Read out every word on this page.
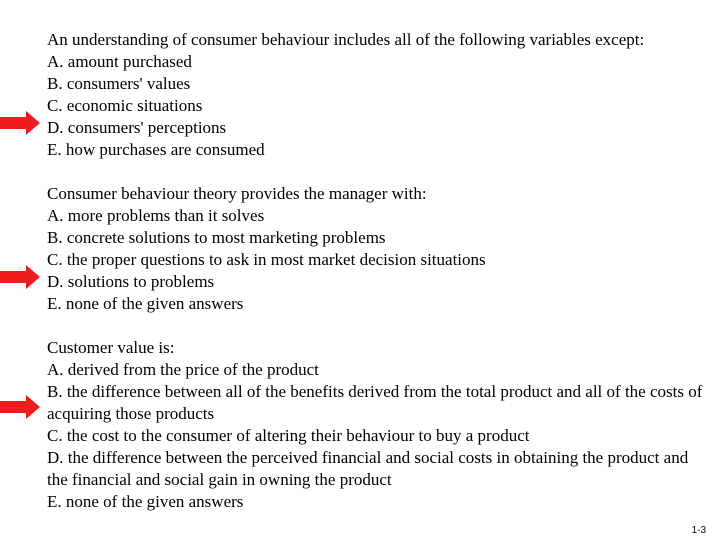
An understanding of consumer behaviour includes all of the following variables except:
A. amount purchased
B. consumers' values
C. economic situations
D. consumers' perceptions
E. how purchases are consumed
Consumer behaviour theory provides the manager with:
A. more problems than it solves
B. concrete solutions to most marketing problems
C. the proper questions to ask in most market decision situations
D. solutions to problems
E. none of the given answers
Customer value is:
A. derived from the price of the product
B. the difference between all of the benefits derived from the total product and all of the costs of acquiring those products
C. the cost to the consumer of altering their behaviour to buy a product
D. the difference between the perceived financial and social costs in obtaining the product and the financial and social gain in owning the product
E. none of the given answers
1-3
